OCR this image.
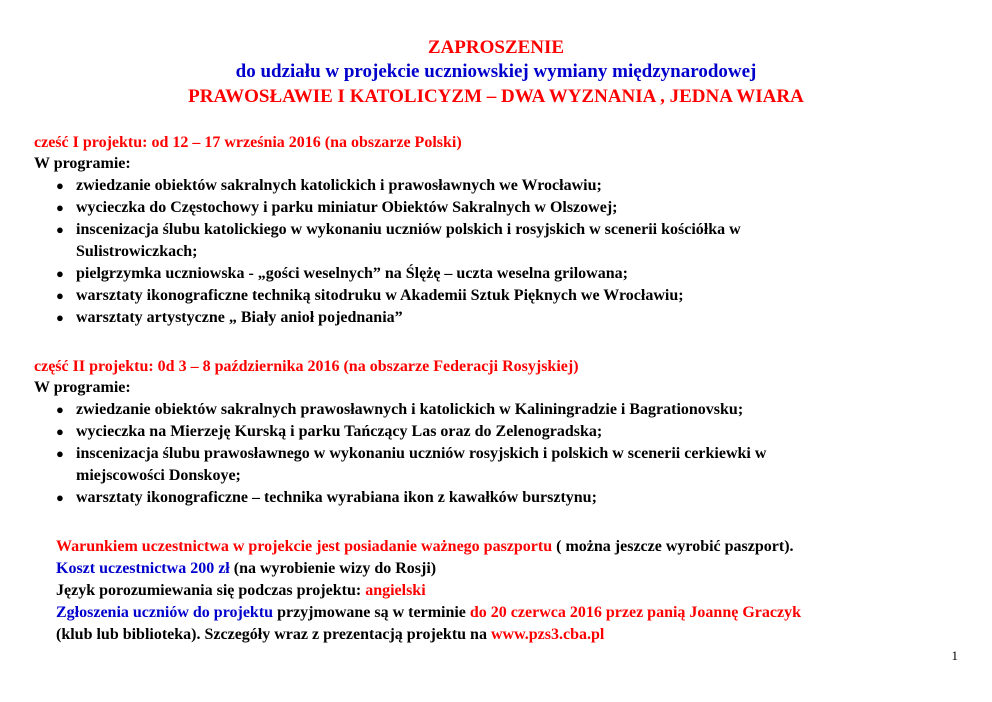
ZAPROSZENIE
do udziału w projekcie uczniowskiej wymiany międzynarodowej
PRAWOSŁAWIE I KATOLICYZM – DWA WYZNANIA , JEDNA WIARA
cześć I projektu: od 12 – 17 września 2016 (na obszarze Polski)
W programie:
● zwiedzanie obiektów sakralnych katolickich i prawosławnych we Wrocławiu;
● wycieczka do Częstochowy i parku miniatur Obiektów Sakralnych w Olszowej;
● inscenizacja ślubu katolickiego w wykonaniu uczniów polskich i rosyjskich w scenerii kościółka w
Sulistrowiczkach;
● pielgrzymka uczniowska - „gości weselnych” na Ślężę – uczta weselna grilowana;
● warsztaty ikonograficzne techniką sitodruku w Akademii Sztuk Pięknych we Wrocławiu;
● warsztaty artystyczne „ Biały anioł pojednania”
część II projektu: 0d 3 – 8 października 2016 (na obszarze Federacji Rosyjskiej)
W programie:
● zwiedzanie obiektów sakralnych prawosławnych i katolickich w Kaliningradzie i Bagrationovsku;
● wycieczka na Mierzeję Kurską i parku Tańczący Las oraz do Zelenogradska;
● inscenizacja ślubu prawosławnego w wykonaniu uczniów rosyjskich i polskich w scenerii cerkiewki w
miejscowości Donskoye;
● warsztaty ikonograficzne – technika wyrabiana ikon z kawałków bursztynu;
Warunkiem uczestnictwa w projekcie jest posiadanie ważnego paszportu ( można jeszcze wyrobić paszport).
Koszt uczestnictwa 200 zł (na wyrobienie wizy do Rosji)
Język porozumiewania się podczas projektu: angielski
Zgłoszenia uczniów do projektu przyjmowane są w terminie do 20 czerwca 2016 przez panią Joannę Graczyk
(klub lub biblioteka). Szczegóły wraz z prezentacją projektu na www.pzs3.cba.pl
1
